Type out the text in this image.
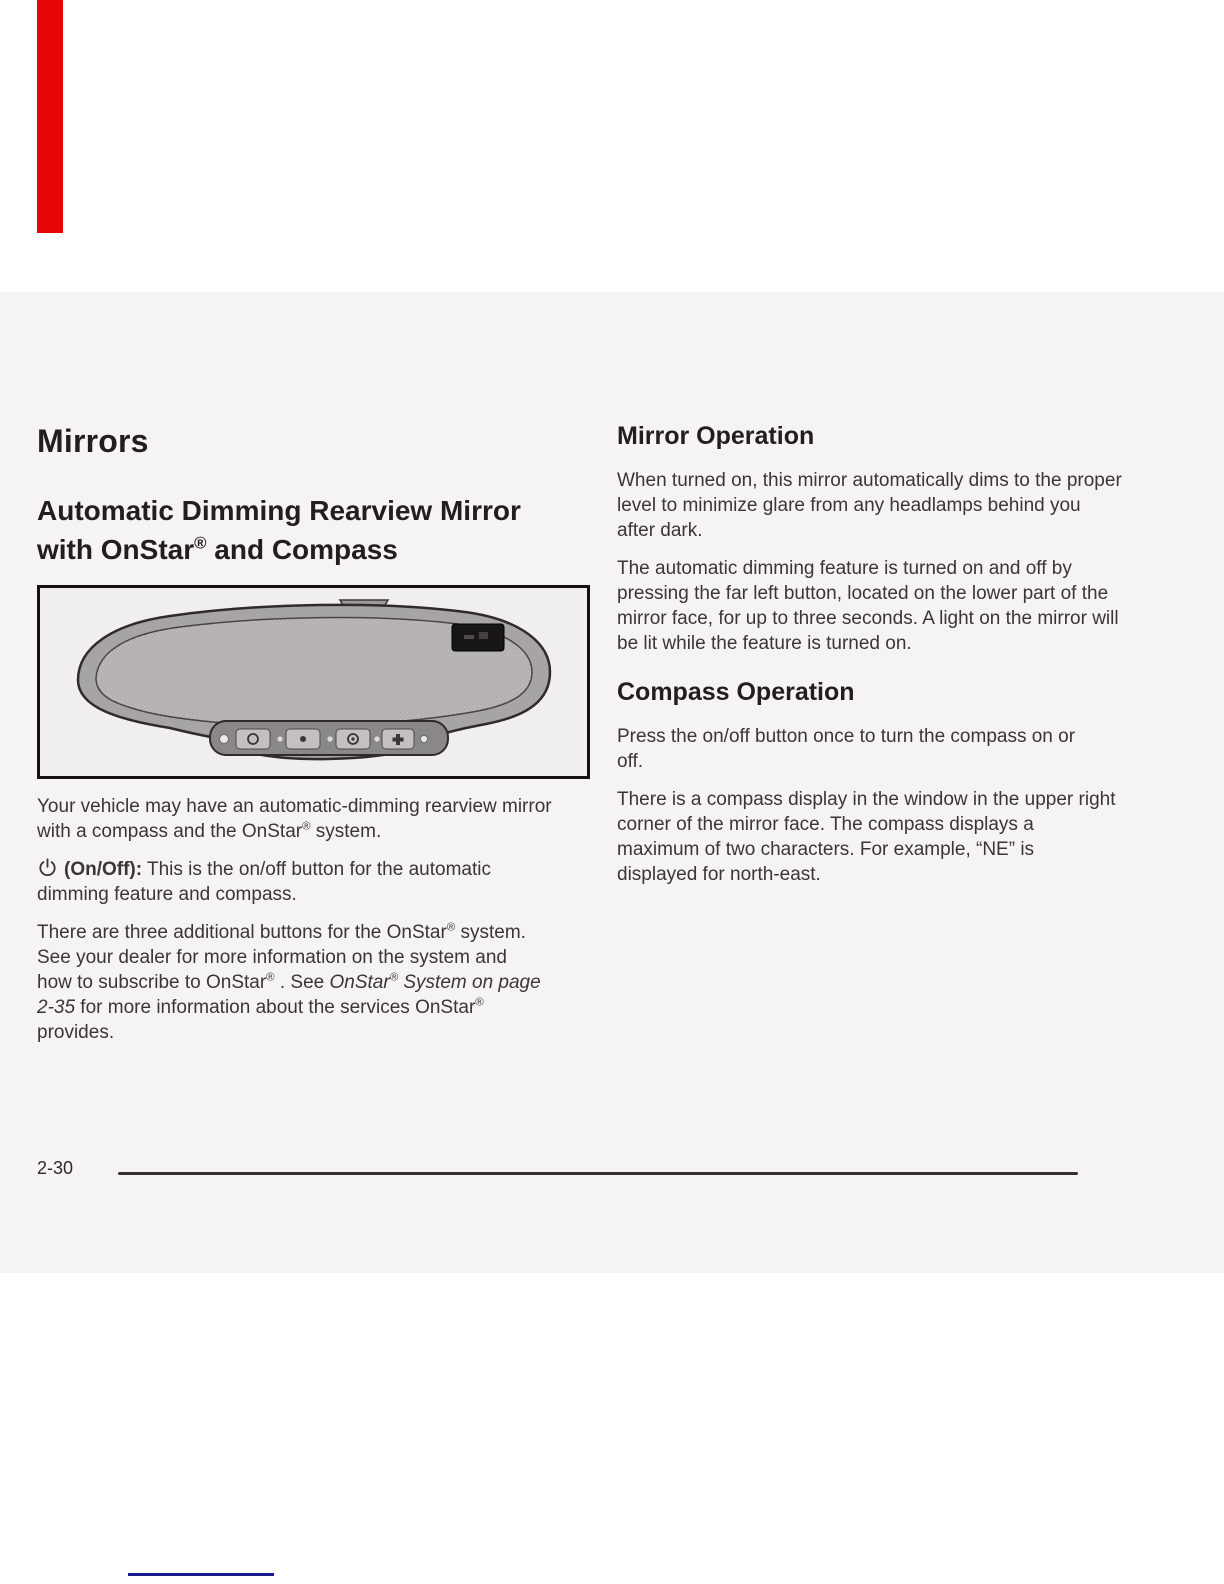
Mirrors
Automatic Dimming Rearview Mirror
with OnStar® and Compass

Your vehicle may have an automatic-dimming rearview mirror with a compass and the OnStar® system.

(On/Off): This is the on/off button for the automatic dimming feature and compass.

There are three additional buttons for the OnStar® system. See your dealer for more information on the system and how to subscribe to OnStar® . See OnStar® System on page 2-35 for more information about the services OnStar® provides.

Mirror Operation

When turned on, this mirror automatically dims to the proper level to minimize glare from any headlamps behind you after dark.

The automatic dimming feature is turned on and off by pressing the far left button, located on the lower part of the mirror face, for up to three seconds. A light on the mirror will be lit while the feature is turned on.

Compass Operation

Press the on/off button once to turn the compass on or off.

There is a compass display in the window in the upper right corner of the mirror face. The compass displays a maximum of two characters. For example, “NE” is displayed for north-east.

2-30
